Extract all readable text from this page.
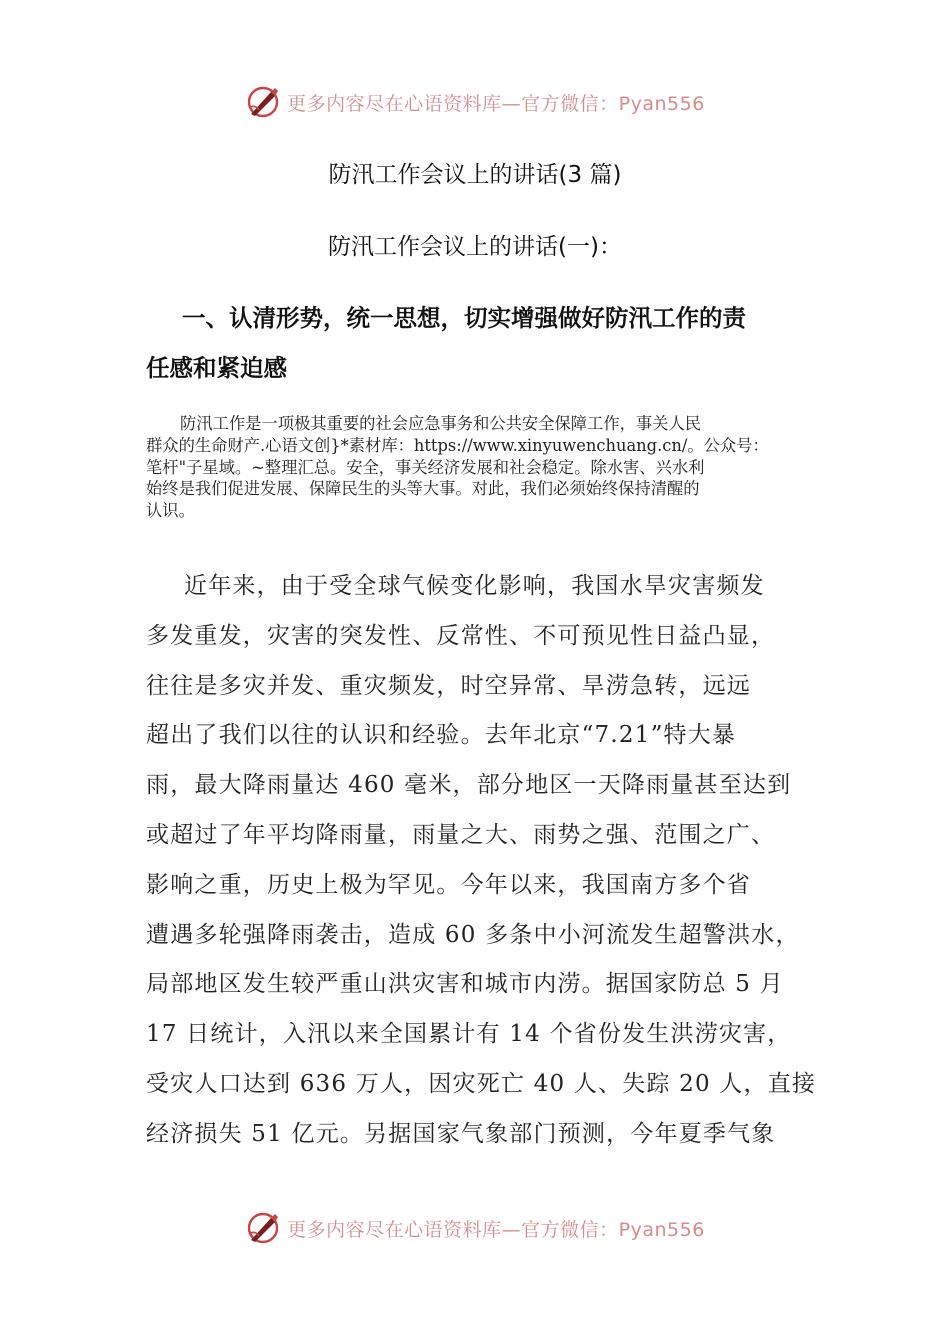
更多内容尽在心语资料库—官方微信：Pyan556
防汛工作会议上的讲话(3 篇)
防汛工作会议上的讲话(一)：
一、认清形势，统一思想，切实增强做好防汛工作的责
任感和紧迫感
防汛工作是一项极其重要的社会应急事务和公共安全保障工作，事关人民
群众的生命财产.心语文创}*素材库：https://www.xinyuwenchuang.cn/。公众号：
笔杆"子星域。~整理汇总。安全，事关经济发展和社会稳定。除水害、兴水利
始终是我们促进发展、保障民生的头等大事。对此，我们必须始终保持清醒的
认识。
近年来，由于受全球气候变化影响，我国水旱灾害频发
多发重发，灾害的突发性、反常性、不可预见性日益凸显，
往往是多灾并发、重灾频发，时空异常、旱涝急转，远远
超出了我们以往的认识和经验。去年北京“7.21”特大暴
雨，最大降雨量达 460 毫米，部分地区一天降雨量甚至达到
或超过了年平均降雨量，雨量之大、雨势之强、范围之广、
影响之重，历史上极为罕见。今年以来，我国南方多个省
遭遇多轮强降雨袭击，造成 60 多条中小河流发生超警洪水，
局部地区发生较严重山洪灾害和城市内涝。据国家防总 5 月
17 日统计，入汛以来全国累计有 14 个省份发生洪涝灾害，
受灾人口达到 636 万人，因灾死亡 40 人、失踪 20 人，直接
经济损失 51 亿元。另据国家气象部门预测，今年夏季气象
更多内容尽在心语资料库—官方微信：Pyan556
